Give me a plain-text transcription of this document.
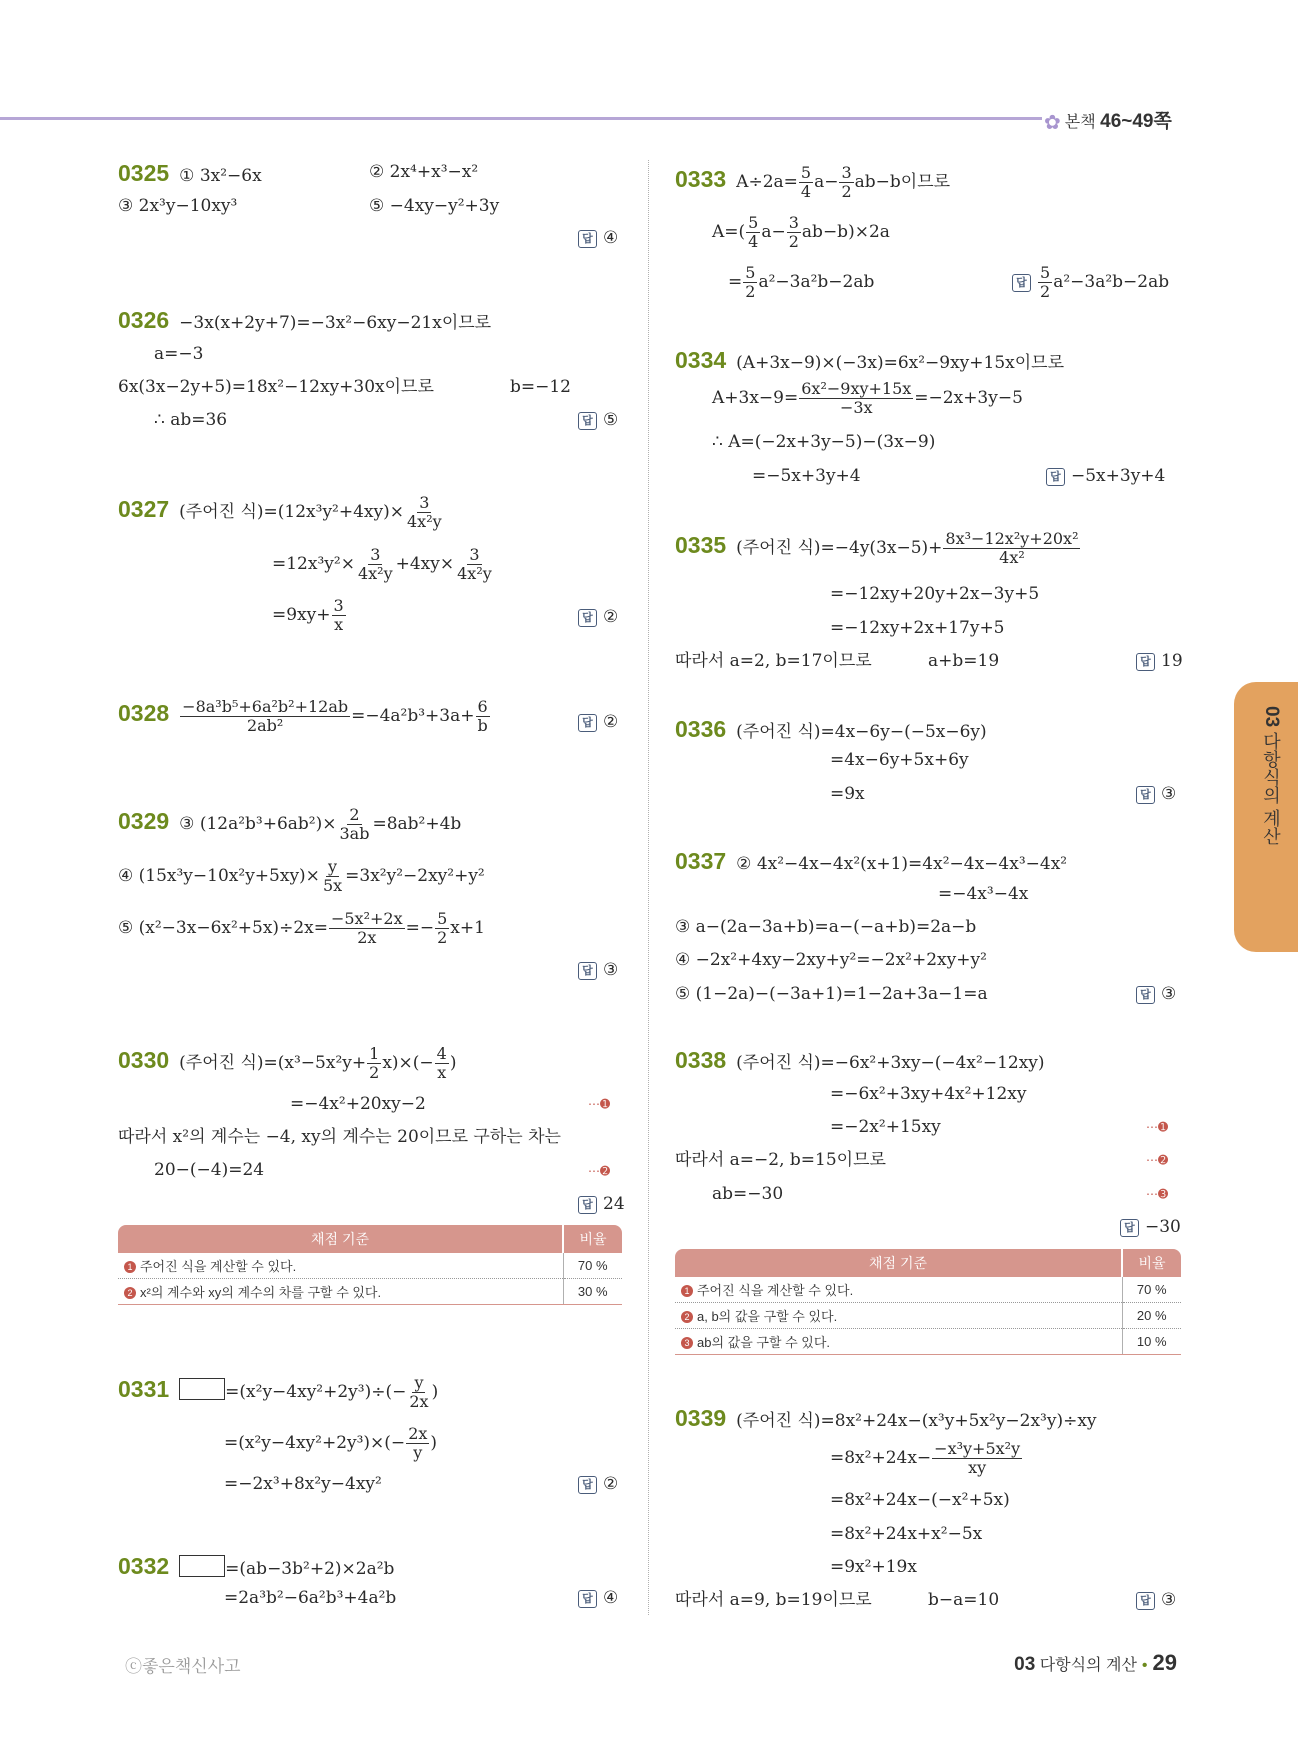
✿ 본책 46~49쪽
03 다항식의 계산
0325 ① 3x²−6x	② 2x⁴+x³−x²
③ 2x³y−10xy³	⑤ −4xy−y²+3y
답 ④
0326 −3x(x+2y+7)=−3x²−6xy−21x이므로
a=−3
6x(3x−2y+5)=18x²−12xy+30x이므로	b=−12
∴ ab=36	답 ⑤
0327 (주어진 식)$=(12x^3y^2+4xy)\times \frac{3}{\text{4x²y}}$
$=12x^3y^2\times \frac{3}{\text{4x²y}} +4xy\times \frac{3}{\text{4x²y}}$
$=9xy+ \frac{3}{x}$	답 ②
$0328 \frac{\text{−8a³b⁵+6a²b²+12ab}}{\text{2ab²}} =-4a^2b^3+3a+ \frac{6}{b}$	답 ②
0329 ③ $(12a^2b^3+6ab^2)\times \frac{2}{3ab} =8ab^2+4b$
④ $(15x^3y-10x^2y+5xy)\times \frac{y}{5x} =3x^2y^2-2xy^2+y^2$
⑤ $(x^2-3x-6x^2+5x)\div 2x= \frac{\text{−5x²+2x}}{2x} =- \frac{5}{2} x+1$
답 ③
0330 (주어진 식)$=(x^3-5x^2y+ \frac{1}{2} x)\times(- \frac{4}{x}$ )
=−4x²+20xy−2	⋯➊
따라서 x²의 계수는 −4, xy의 계수는 20이므로 구하는 차는
20−(−4)=24	⋯➋
답 24
채점 기준	비율
1 주어진 식을 계산할 수 있다.	70 %
2 x²의 계수와 xy의 계수의 차를 구할 수 있다.	30 %
0331	$=(x^2y-4xy^2+2y^3)\div(- \frac{y}{2x}$ )
$=(x^2y-4xy^2+2y^3)\times(- \frac{2x}{y}$ )
=−2x³+8x²y−4xy²	답 ②
0332	=(ab−3b²+2)×2a²b
=2a³b²−6a²b³+4a²b	답 ④
0333 $A\div 2a= \frac{5}{4} a- \frac{3}{2} ab-b$이므로
$A=( \frac{5}{4} a- \frac{3}{2} ab-b)\times 2a$
= $\frac{5}{2} a^2-3a^2b-2ab$	답 $\frac{5}{2} a^2-3a^2b-2ab$
0334 (A+3x−9)×(−3x)=6x²−9xy+15x이므로
$A+3x-9= \frac{\text{6x²−9xy+15x}}{-3x} =-2x+3y-5$
∴ A=(−2x+3y−5)−(3x−9)
=−5x+3y+4	답 −5x+3y+4
0335 (주어진 식)$=-4y(3x-5)+ \frac{\text{8x³−12x²y+20x²}}{\text{4x²}}$
=−12xy+20y+2x−3y+5
=−12xy+2x+17y+5
따라서 a=2, b=17이므로	a+b=19	답 19
0336 (주어진 식)=4x−6y−(−5x−6y)
=4x−6y+5x+6y
=9x	답 ③
0337 ② 4x²−4x−4x²(x+1)=4x²−4x−4x³−4x²
=−4x³−4x
③ a−(2a−3a+b)=a−(−a+b)=2a−b
④ −2x²+4xy−2xy+y²=−2x²+2xy+y²
⑤ (1−2a)−(−3a+1)=1−2a+3a−1=a	답 ③
0338 (주어진 식)=−6x²+3xy−(−4x²−12xy)
=−6x²+3xy+4x²+12xy
=−2x²+15xy	⋯➊
따라서 a=−2, b=15이므로	⋯➋
ab=−30	⋯➌
답 −30
채점 기준	비율
1 주어진 식을 계산할 수 있다.	70 %
2 a, b의 값을 구할 수 있다.	20 %
3 ab의 값을 구할 수 있다.	10 %
0339 (주어진 식)=8x²+24x−(x³y+5x²y−2x³y)÷xy
$=8x^2+24x- \frac{\text{−x³y+5x²y}}{xy}$
=8x²+24x−(−x²+5x)
=8x²+24x+x²−5x
=9x²+19x
따라서 a=9, b=19이므로	b−a=10	답 ③
ⓒ좋은책신사고	03 다항식의 계산 • 29
